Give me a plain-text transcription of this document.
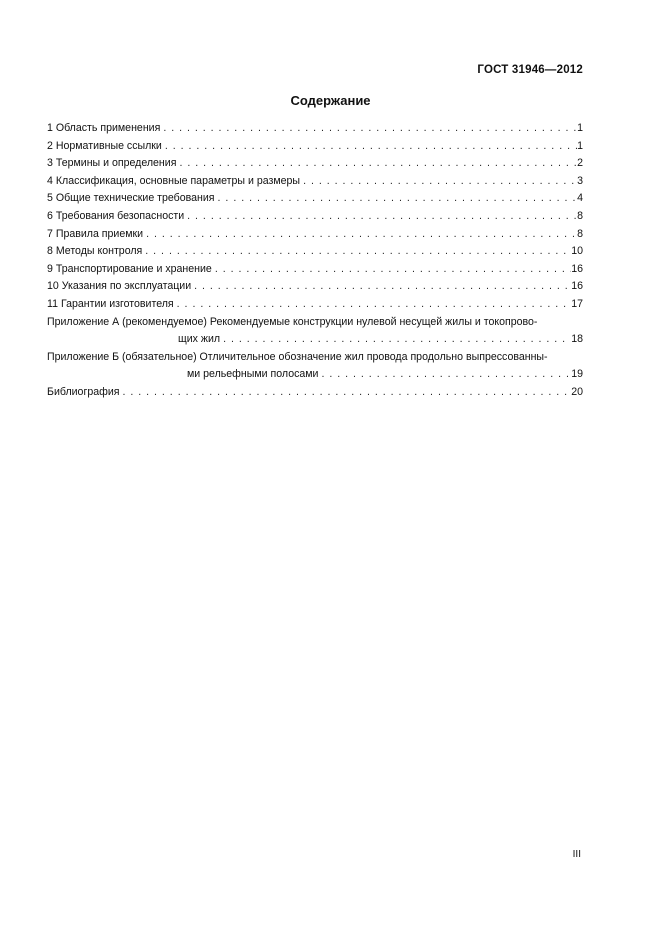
ГОСТ 31946—2012
Содержание
1 Область применения . . .	1
2 Нормативные ссылки . . .	1
3 Термины и определения . . .	2
4 Классификация, основные параметры и размеры . . .	3
5 Общие технические требования . . .	4
6 Требования безопасности . . .	8
7 Правила приемки . . .	8
8 Методы контроля . . .	10
9 Транспортирование и хранение . . .	16
10 Указания по эксплуатации . . .	16
11 Гарантии изготовителя . . .	17
Приложение А (рекомендуемое) Рекомендуемые конструкции нулевой несущей жилы и токопрово-
щих жил . . .	18
Приложение Б (обязательное) Отличительное обозначение жил провода продольно выпрессованны-
ми рельефными полосами . . .	19
Библиография . . .	20
III
